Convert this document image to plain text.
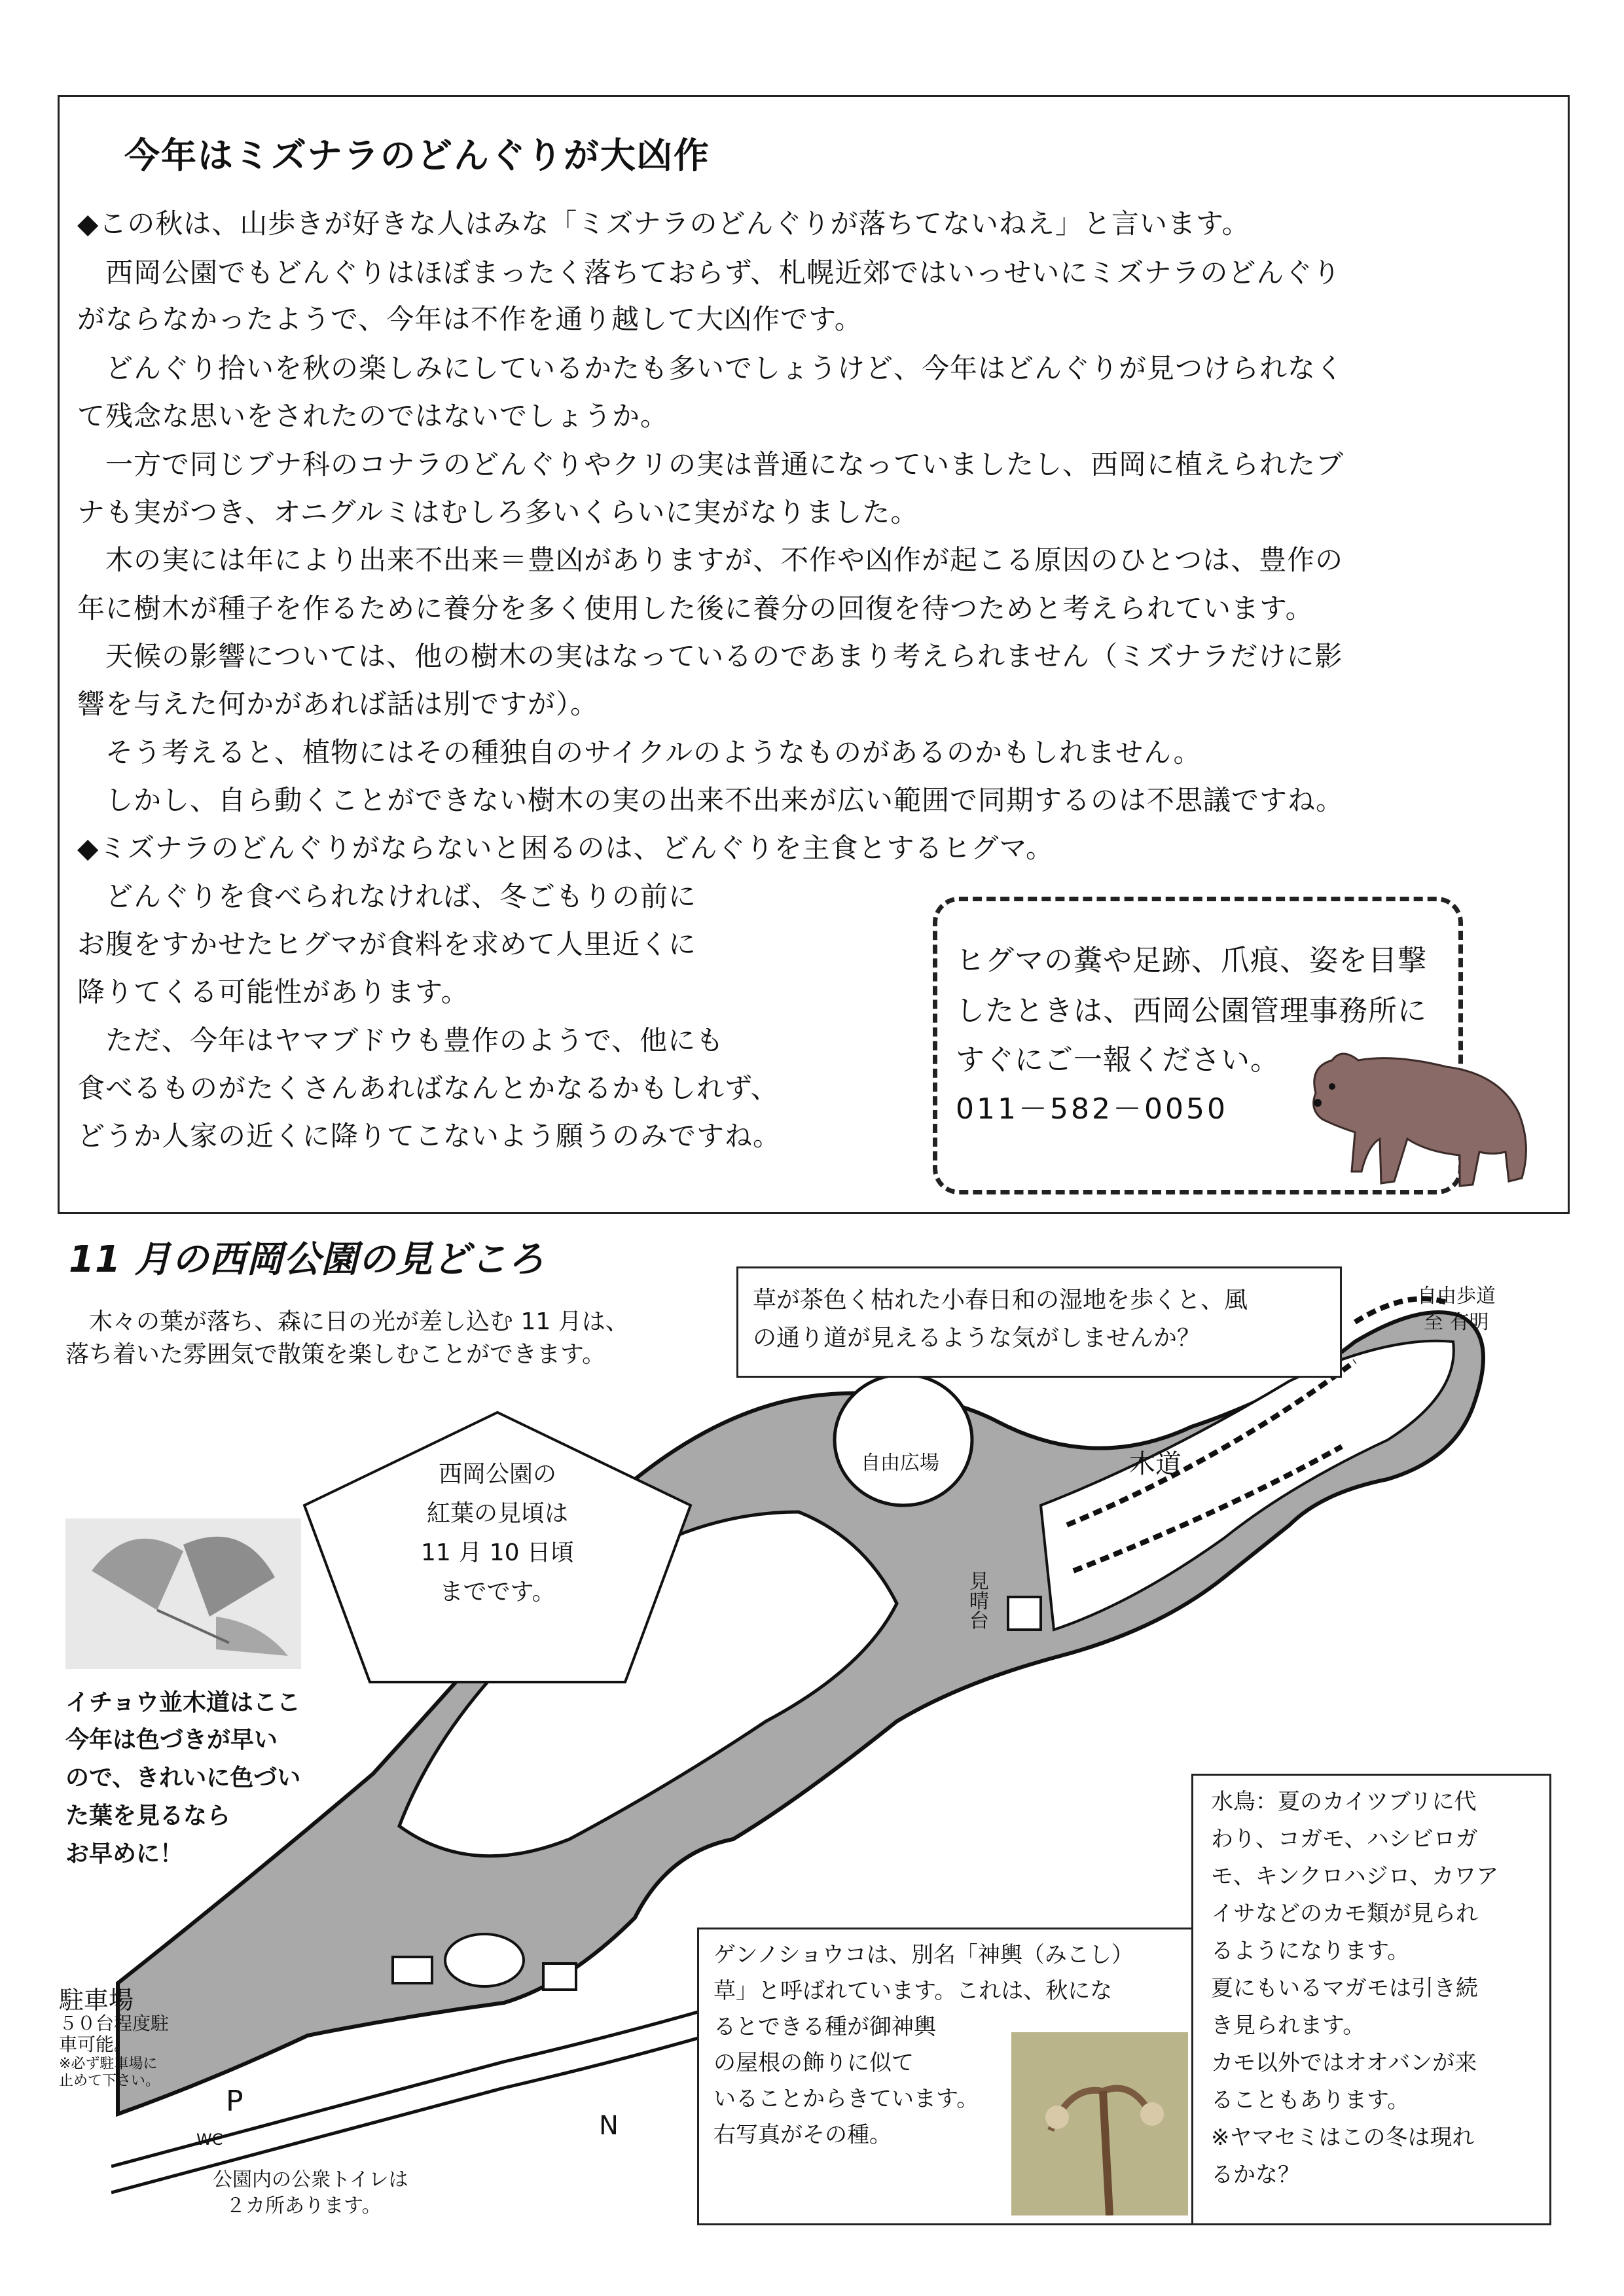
今年はミズナラのどんぐりが大凶作
◆この秋は、山歩きが好きな人はみな「ミズナラのどんぐりが落ちてないねえ」と言います。
　西岡公園でもどんぐりはほぼまったく落ちておらず、札幌近郊ではいっせいにミズナラのどんぐり
がならなかったようで、今年は不作を通り越して大凶作です。
　どんぐり拾いを秋の楽しみにしているかたも多いでしょうけど、今年はどんぐりが見つけられなく
て残念な思いをされたのではないでしょうか。
　一方で同じブナ科のコナラのどんぐりやクリの実は普通になっていましたし、西岡に植えられたブ
ナも実がつき、オニグルミはむしろ多いくらいに実がなりました。
　木の実には年により出来不出来＝豊凶がありますが、不作や凶作が起こる原因のひとつは、豊作の
年に樹木が種子を作るために養分を多く使用した後に養分の回復を待つためと考えられています。
　天候の影響については、他の樹木の実はなっているのであまり考えられません（ミズナラだけに影
響を与えた何かがあれば話は別ですが）。
　そう考えると、植物にはその種独自のサイクルのようなものがあるのかもしれません。
　しかし、自ら動くことができない樹木の実の出来不出来が広い範囲で同期するのは不思議ですね。
◆ミズナラのどんぐりがならないと困るのは、どんぐりを主食とするヒグマ。
　どんぐりを食べられなければ、冬ごもりの前に
お腹をすかせたヒグマが食料を求めて人里近くに
降りてくる可能性があります。
　ただ、今年はヤマブドウも豊作のようで、他にも
食べるものがたくさんあればなんとかなるかもしれず、
どうか人家の近くに降りてこないよう願うのみですね。
ヒグマの糞や足跡、爪痕、姿を目撃
したときは、西岡公園管理事務所に
すぐにご一報ください。
011－582－0050
11 月の西岡公園の見どころ
　木々の葉が落ち、森に日の光が差し込む 11 月は、
落ち着いた雰囲気で散策を楽しむことができます。
自由歩道
至 有明
木道
自由広場
見晴台
駐車場
５０台程度駐
車可能。
※必ず駐車場に
止めて下さい。
P
WC
公園内の公衆トイレは
２カ所あります。
N
草が茶色く枯れた小春日和の湿地を歩くと、風
の通り道が見えるような気がしませんか？
西岡公園の
紅葉の見頃は
11 月 10 日頃
までです。
イチョウ並木道はここ
今年は色づきが早い
ので、きれいに色づい
た葉を見るなら
お早めに！
ゲンノショウコは、別名「神輿（みこし）
草」と呼ばれています。これは、秋にな
るとできる種が御神輿
の屋根の飾りに似て
いることからきています。
右写真がその種。
水鳥：夏のカイツブリに代
わり、コガモ、ハシビロガ
モ、キンクロハジロ、カワア
イサなどのカモ類が見られ
るようになります。
夏にもいるマガモは引き続
き見られます。
カモ以外ではオオバンが来
ることもあります。
※ヤマセミはこの冬は現れ
るかな？
